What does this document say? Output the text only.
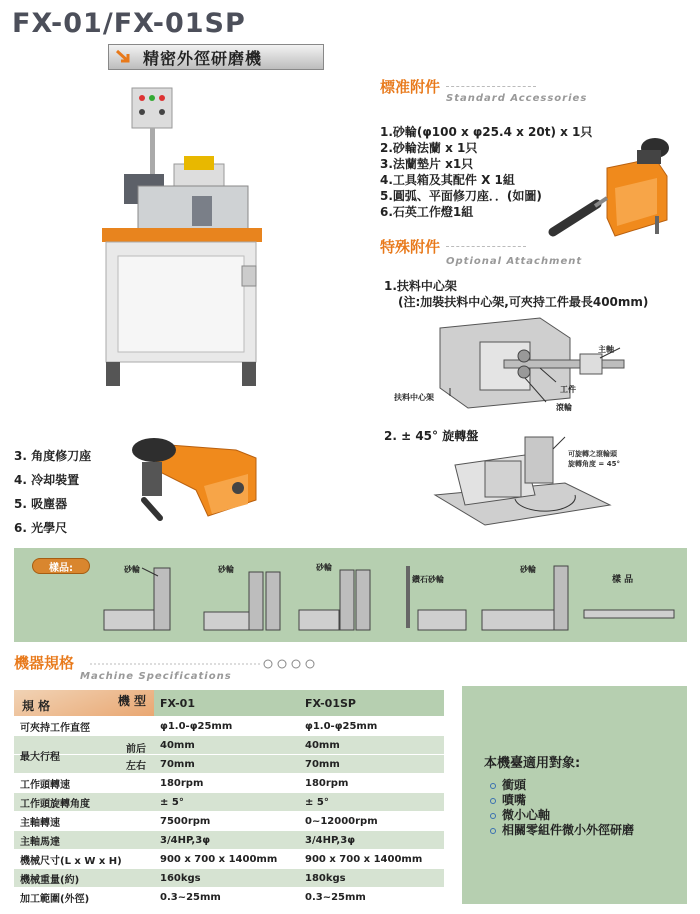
FX-01/FX-01SP
精密外徑研磨機
標准附件
Standard Accessories
1.砂輪(φ100 x φ25.4 x 20t) x 1只
2.砂輪法蘭 x 1只
3.法蘭墊片 x1只
4.工具箱及其配件 X 1組
5.圓弧、平面修刀座．．(如圖)
6.石英工作燈1組
特殊附件
Optional Attachment
1.扶料中心架
(注:加裝扶料中心架,可夾持工件最長400mm)
主軸
扶料中心架
工件
滾輪
2. ± 45° 旋轉盤
可旋轉之滾輪頭
旋轉角度 = 45°
3. 角度修刀座
4. 冷却裝置
5. 吸塵器
6. 光學尺
樣品:	砂輪	砂輪	砂輪
鑽石砂輪
砂輪
樣 品
機器規格
Machine Specifications
機 型
規 格	FX-01	FX-01SP
可夾持工作直徑	φ1.0-φ25mm	φ1.0-φ25mm

最大行程
前后	40mm	40mm
左右	70mm	70mm
工作頭轉速	180rpm	180rpm
工作頭旋轉角度	± 5°	± 5°
主軸轉速	7500rpm	0~12000rpm
主軸馬達	3/4HP,3φ	3/4HP,3φ
機械尺寸(L x W x H)	900 x 700 x 1400mm	900 x 700 x 1400mm
機械重量(約)	160kgs	180kgs
加工範圍(外徑)	0.3~25mm	0.3~25mm
本機臺適用對象:
衝頭
噴嘴
微小心軸
相關零組件微小外徑研磨
